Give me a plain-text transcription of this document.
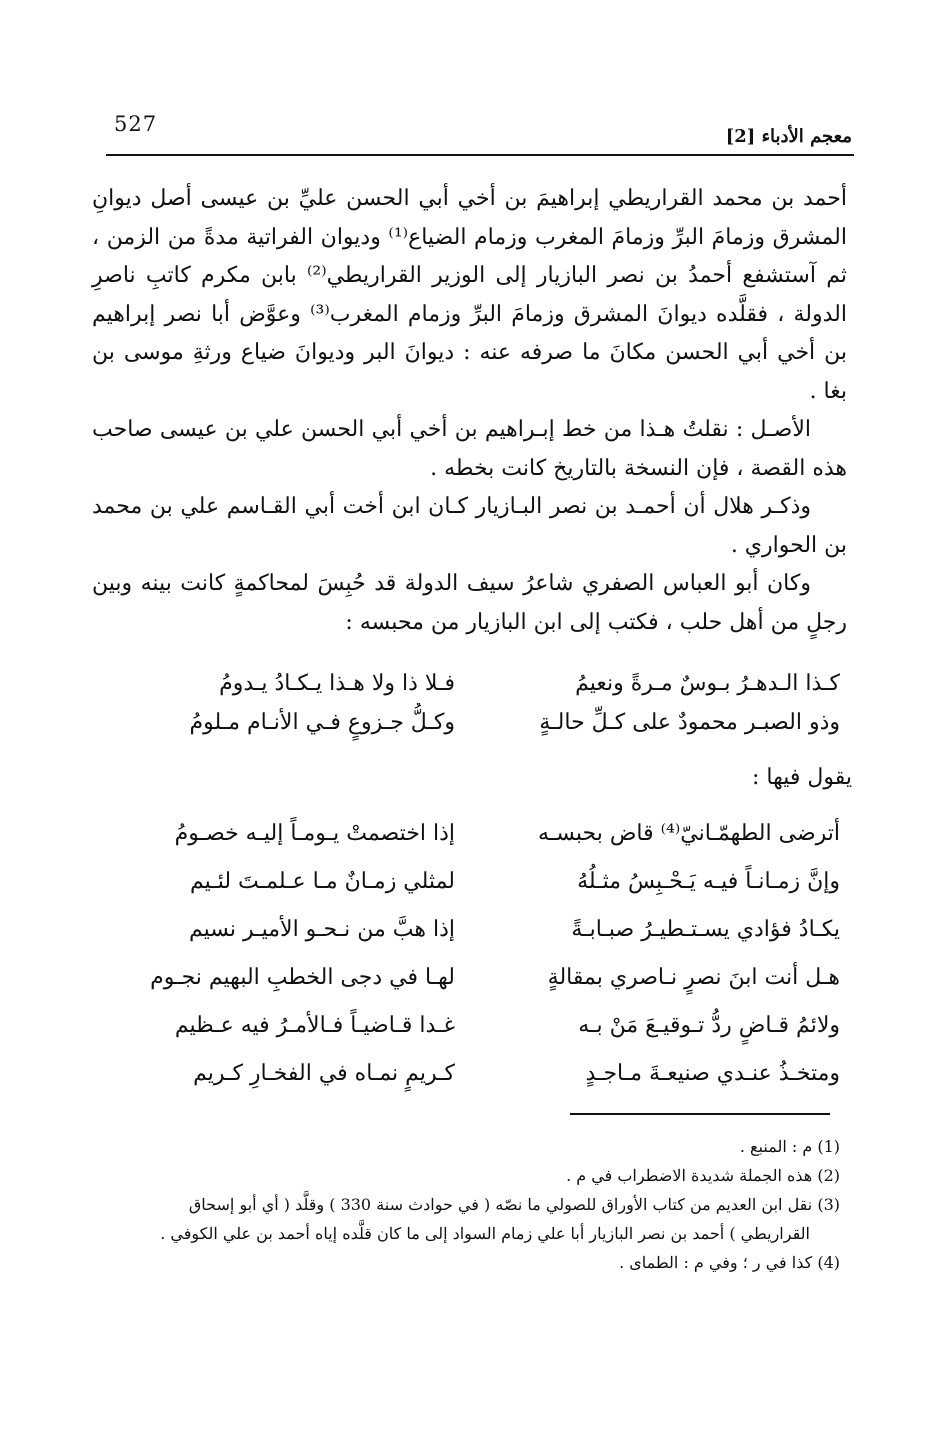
527
معجم الأدباء [2]

أحمد بن محمد القراريطي إبراهيمَ بن أخي أبي الحسن عليِّ بن عيسى أصل ديوانِ المشرق وزمامَ البرِّ وزمامَ المغرب وزمام الضياع⁽¹⁾ وديوان الفراتية مدةً من الزمن ، ثم آستشفع أحمدُ بن نصر البازيار إلى الوزير القراريطي⁽²⁾ بابن مكرم كاتبِ ناصرِ الدولة ، فقلَّده ديوانَ المشرق وزمامَ البرِّ وزمام المغرب⁽³⁾ وعوَّض أبا نصر إبراهيم بن أخي أبي الحسن مكانَ ما صرفه عنه : ديوانَ البر وديوانَ ضياع ورثةِ موسى بن بغا .

الأصـل : نقلتُ هـذا من خط إبـراهيم بن أخي أبي الحسن علي بن عيسى صاحب هذه القصة ، فإن النسخة بالتاريخ كانت بخطه .

وذكـر هلال أن أحمـد بن نصر البـازيار كـان ابن أخت أبي القـاسم علي بن محمد بن الحواري .

وكان أبو العباس الصفري شاعرُ سيف الدولة قد حُبِسَ لمحاكمةٍ كانت بينه وبين رجلٍ من أهل حلب ، فكتب إلى ابن البازيار من محبسه :

كـذا الـدهـرُ بـوسٌ مـرةً ونعيمُ
فـلا ذا ولا هـذا يـكـادُ يـدومُ
وذو الصبـر محمودٌ على كـلِّ حالـةٍ
وكـلُّ جـزوعٍ فـي الأنـام مـلومُ
يقول فيها :
أترضى الطهمّـانيّ⁽⁴⁾ قاض بحبسـه
إذا اختصمتْ يـومـاً إليـه خصـومُ
وإنَّ زمـانـاً فيـه يَـحْـبِسُ مثـلُهُ
لمثلي زمـانٌ مـا عـلمـتَ لئـيم
يكـادُ فؤادي يسـتـطيـرُ صبـابـةً
إذا هبَّ من نـحـو الأميـر نسيم
هـل أنت ابنَ نصرٍ نـاصري بمقالةٍ
لهـا في دجى الخطبِ البهيم نجـوم
ولائمُ قـاضٍ ردُّ تـوقيـعَ مَنْ بـه
غـدا قـاضيـاً فـالأمـرُ فيه عـظيم
ومتخـذُ عنـدي صنيعـةَ مـاجـدٍ
كـريمٍ نمـاه في الفخـارِ كـريم

(1) م : المنبع .

(2) هذه الجملة شديدة الاضطراب في م .

(3) نقل ابن العديم من كتاب الأوراق للصولي ما نصّه ( في حوادث سنة 330 ) وقلَّد ( أي أبو إسحاق

القراريطي ) أحمد بن نصر البازيار أبا علي زمام السواد إلى ما كان قلَّده إياه أحمد بن علي الكوفي .

(4) كذا في ر ؛ وفي م : الطماى .
